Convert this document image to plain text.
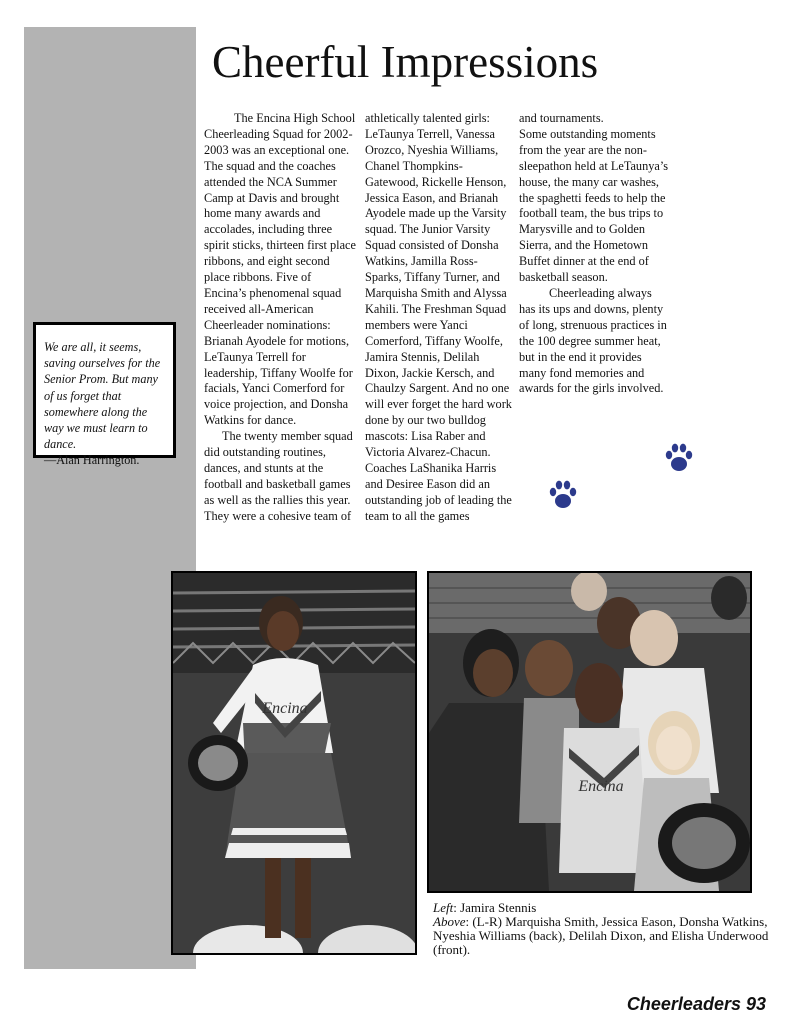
Cheerful Impressions

The Encina High School Cheerleading Squad for 2002-2003 was an exceptional one. The squad and the coaches attended the NCA Summer Camp at Davis and brought home many awards and accolades, including three spirit sticks, thirteen first place ribbons, and eight second place ribbons. Five of Encina’s phenomenal squad received all-American Cheerleader nominations: Brianah Ayodele for motions, LeTaunya Terrell for leadership, Tiffany Woolfe for facials, Yanci Comerford for voice projection, and Donsha Watkins for dance.

The twenty member squad did outstanding routines, dances, and stunts at the football and basketball games as well as the rallies this year. They were a cohesive team of

athletically talented girls: LeTaunya Terrell, Vanessa Orozco, Nyeshia Williams, Chanel Thompkins-Gatewood, Rickelle Henson, Jessica Eason, and Brianah Ayodele made up the Varsity squad. The Junior Varsity Squad consisted of Donsha Watkins, Jamilla Ross-Sparks, Tiffany Turner, and Marquisha Smith and Alyssa Kahili. The Freshman Squad members were Yanci Comerford, Tiffany Woolfe, Jamira Stennis, Delilah Dixon, Jackie Kersch, and Chaulzy Sargent. And no one will ever forget the hard work done by our two bulldog mascots: Lisa Raber and Victoria Alvarez-Chacun. Coaches LaShanika Harris and Desiree Eason did an outstanding job of leading the team to all the games

and tournaments.

Some outstanding moments from the year are the non-sleepathon held at LeTaunya’s house, the many car washes, the spaghetti feeds to help the football team, the bus trips to Marysville and to Golden Sierra, and the Hometown Buffet dinner at the end of basketball season.

Cheerleading always has its ups and downs, plenty of long, strenuous practices in the 100 degree summer heat, but in the end it provides many fond memories and awards for the girls involved.

We are all, it seems, saving ourselves for the Senior Prom. But many of us forget that somewhere along the way we must learn to dance.
—Alan Harrington.
Encina
Encina
Left: Jamira Stennis
Above: (L-R) Marquisha Smith, Jessica Eason, Donsha Watkins, Nyeshia Williams (back), Delilah Dixon, and Elisha Underwood (front).
Cheerleaders 93
